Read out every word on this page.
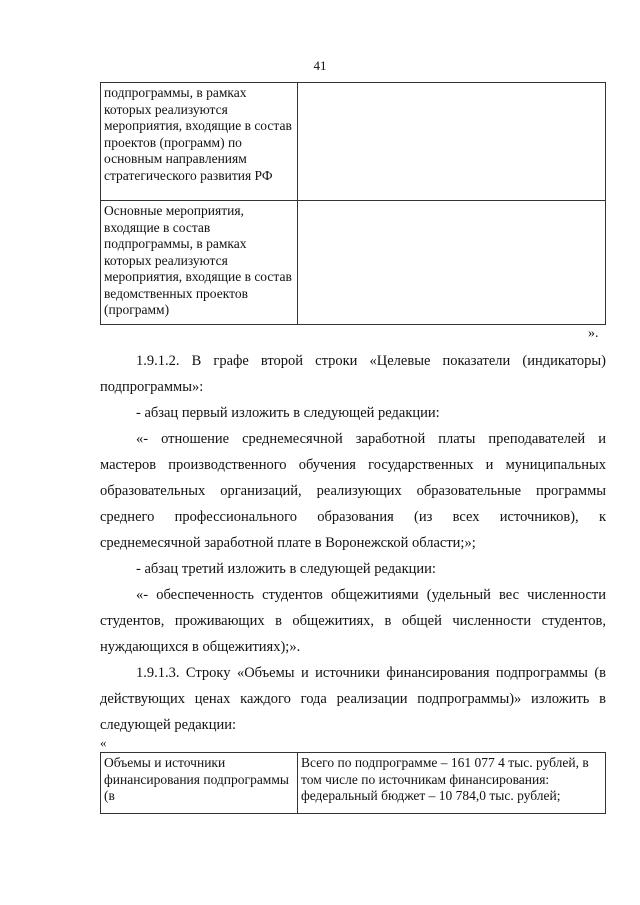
41
подпрограммы, в рамках которых реализуются мероприятия, входящие в состав проектов (программ) по основным направлениям стратегического развития РФ	
Основные мероприятия, входящие в состав подпрограммы, в рамках которых реализуются мероприятия, входящие в состав ведомственных проектов (программ)	
».
1.9.1.2. В графе второй строки «Целевые показатели (индикаторы) подпрограммы»:
- абзац первый изложить в следующей редакции:
«- отношение среднемесячной заработной платы преподавателей и мастеров производственного обучения государственных и муниципальных образовательных организаций, реализующих образовательные программы среднего профессионального образования (из всех источников), к среднемесячной заработной плате в Воронежской области;»;
- абзац третий изложить в следующей редакции:
«- обеспеченность студентов общежитиями (удельный вес численности студентов, проживающих в общежитиях, в общей численности студентов, нуждающихся в общежитиях);».
1.9.1.3. Строку «Объемы и источники финансирования подпрограммы (в действующих ценах каждого года реализации подпрограммы)» изложить в следующей редакции:
«
Объемы и источники финансирования подпрограммы (в	Всего по подпрограмме – 161 077 4 тыс. рублей, в том числе по источникам финансирования: федеральный бюджет – 10 784,0 тыс. рублей;
